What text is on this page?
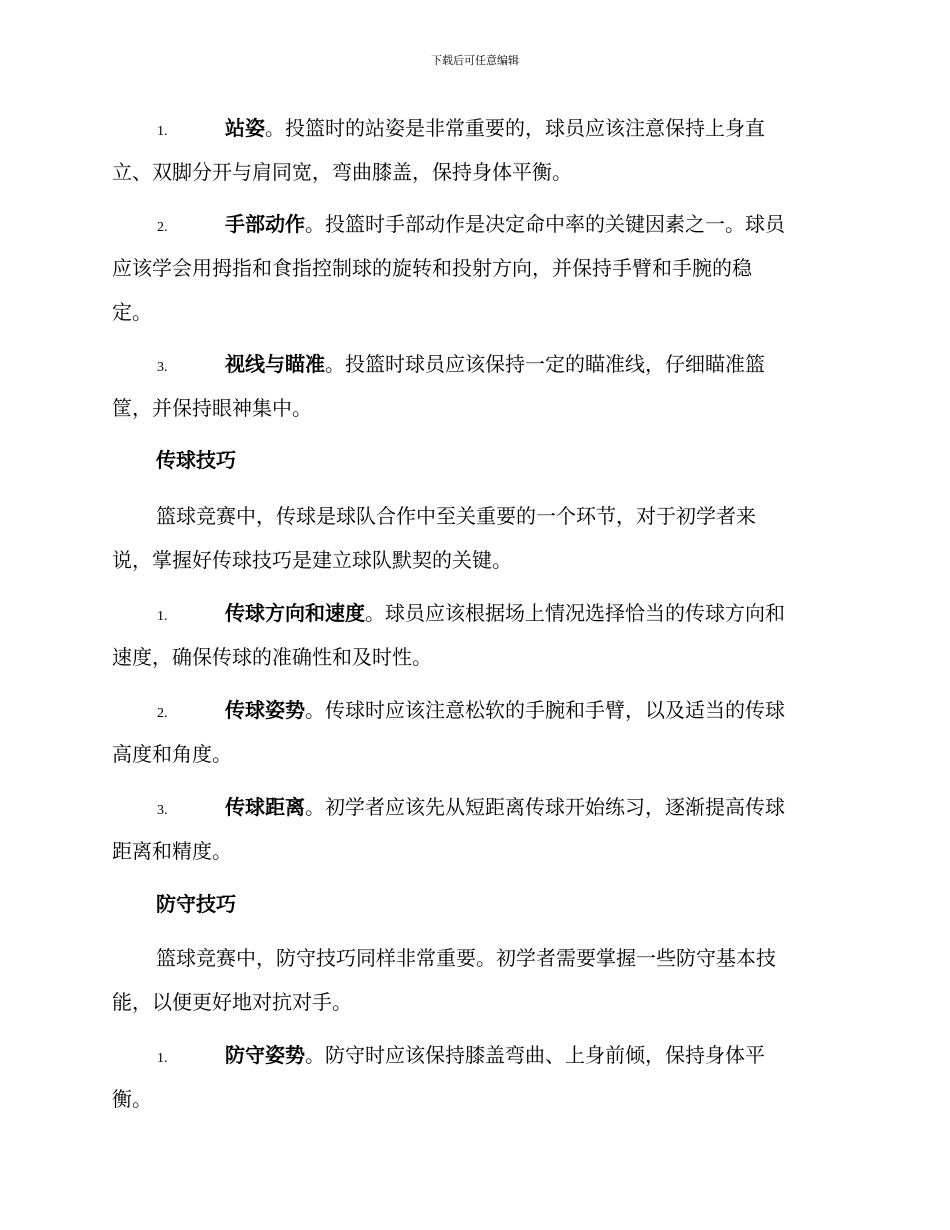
下载后可任意编辑
1.	站姿。投篮时的站姿是非常重要的，球员应该注意保持上身直
立、双脚分开与肩同宽，弯曲膝盖，保持身体平衡。
2.	手部动作。投篮时手部动作是决定命中率的关键因素之一。球员
应该学会用拇指和食指控制球的旋转和投射方向，并保持手臂和手腕的稳
定。
3.	视线与瞄准。投篮时球员应该保持一定的瞄准线，仔细瞄准篮
筐，并保持眼神集中。
传球技巧
篮球竞赛中，传球是球队合作中至关重要的一个环节，对于初学者来
说，掌握好传球技巧是建立球队默契的关键。
1.	传球方向和速度。球员应该根据场上情况选择恰当的传球方向和
速度，确保传球的准确性和及时性。
2.	传球姿势。传球时应该注意松软的手腕和手臂，以及适当的传球
高度和角度。
3.	传球距离。初学者应该先从短距离传球开始练习，逐渐提高传球
距离和精度。
防守技巧
篮球竞赛中，防守技巧同样非常重要。初学者需要掌握一些防守基本技
能，以便更好地对抗对手。
1.	防守姿势。防守时应该保持膝盖弯曲、上身前倾，保持身体平
衡。
